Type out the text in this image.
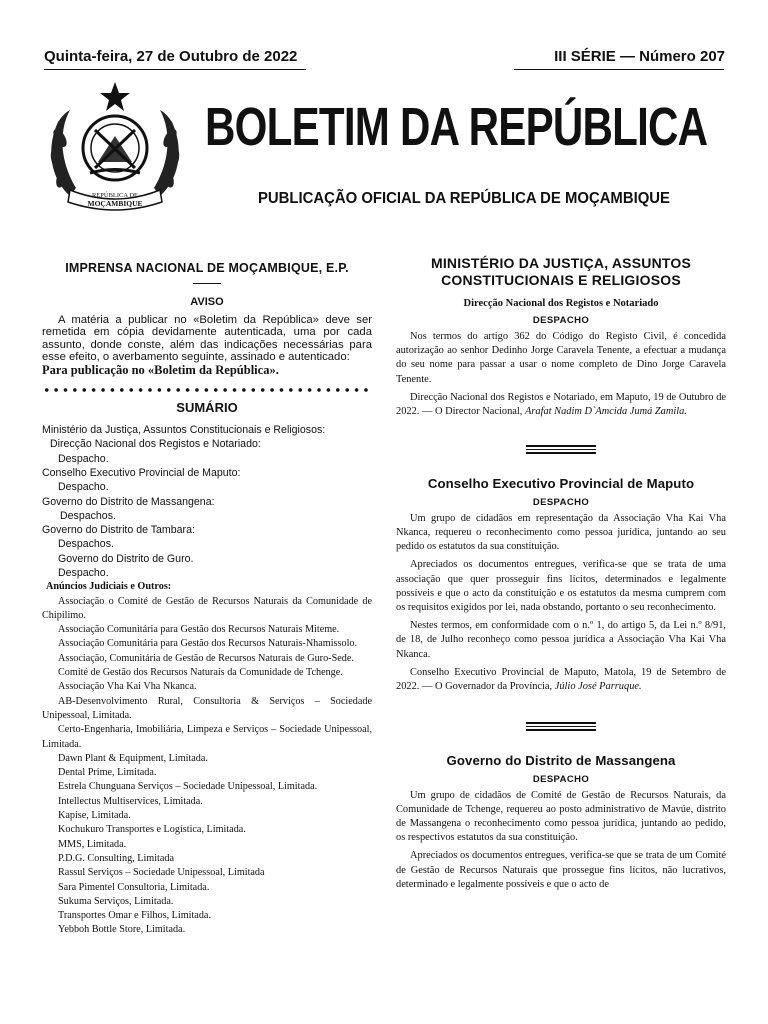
Quinta-feira, 27 de Outubro de 2022	III SÉRIE — Número 207
REPÚBLICA DE
MOÇAMBIQUE
BOLETIM DA REPÚBLICA
PUBLICAÇÃO OFICIAL DA REPÚBLICA DE MOÇAMBIQUE
IMPRENSA NACIONAL DE MOÇAMBIQUE, E.P.
AVISO
A matéria a publicar no «Boletim da República» deve ser remetida em cópia devidamente autenticada, uma por cada assunto, donde conste, além das indicações necessárias para esse efeito, o averbamento seguinte, assinado e autenticado:
Para publicação no «Boletim da República».
SUMÁRIO
Ministério da Justiça, Assuntos Constitucionais e Religiosos:
Direcção Nacional dos Registos e Notariado:
Despacho.
Conselho Executivo Provincial de Maputo:
Despacho.
Governo do Distrito de Massangena:
Despachos.
Governo do Distrito de Tambara:
Despachos.
Governo do Distrito de Guro.
Despacho.
Anúncios Judiciais e Outros:
Associação o Comité de Gestão de Recursos Naturais da Comunidade de Chipilimo.
Associação Comunitária para Gestão dos Recursos Naturais Miteme.
Associação Comunitária para Gestão dos Recursos Naturais-Nhamissolo.
Associação, Comunitária de Gestão de Recursos Naturais de Guro-Sede.
Comité de Gestão dos Recursos Naturais da Comunidade de Tchenge.
Associação Vha Kai Vha Nkanca.
AB-Desenvolvimento Rural, Consultoria & Serviços – Sociedade Unipessoal, Limitada.
Certo-Engenharia, Imobiliária, Limpeza e Serviços – Sociedade Unipessoal, Limitada.
Dawn Plant & Equipment, Limitada.
Dental Prime, Limitada.
Estrela Chunguana Serviços – Sociedade Unipessoal, Limitada.
Intellectus Multiservices, Limitada.
Kapise, Limitada.
Kochukuro Transportes e Logística, Limitada.
MMS, Limitada.
P.D.G. Consulting, Limitada
Rassul Serviços – Sociedade Unipessoal, Limitada
Sara Pimentel Consultoria, Limitada.
Sukuma Serviços, Limitada.
Transportes Omar e Filhos, Limitada.
Yebboh Bottle Store, Limitada.
MINISTÉRIO DA JUSTIÇA, ASSUNTOS
CONSTITUCIONAIS E RELIGIOSOS
Direcção Nacional dos Registos e Notariado
DESPACHO
Nos termos do artigo 362 do Código do Registo Civil, é concedida autorização ao senhor Dedinho Jorge Caravela Tenente, a efectuar a mudança do seu nome para passar a usar o nome completo de Dino Jorge Caravela Tenente.
Direcção Nacional dos Registos e Notariado, em Maputo, 19 de Outubro de 2022. — O Director Nacional, Arafat Nadim D`Amcida Jumá Zamila.
Conselho Executivo Provincial de Maputo
DESPACHO
Um grupo de cidadãos em representação da Associação Vha Kai Vha Nkanca, requereu o reconhecimento como pessoa jurídica, juntando ao seu pedido os estatutos da sua constituição.
Apreciados os documentos entregues, verifica-se que se trata de uma associação que quer prosseguir fins lícitos, determinados e legalmente possíveis e que o acto da constituição e os estatutos da mesma cumprem com os requisitos exigidos por lei, nada obstando, portanto o seu reconhecimento.
Nestes termos, em conformidade com o n.º 1, do artigo 5, da Lei n.º 8/91, de 18, de Julho reconheço como pessoa jurídica a Associação Vha Kai Vha Nkanca.
Conselho Executivo Provincial de Maputo, Matola, 19 de Setembro de 2022. — O Governador da Província, Júlio José Parruque.
Governo do Distrito de Massangena
DESPACHO
Um grupo de cidadãos de Comité de Gestão de Recursos Naturais, da Comunidade de Tchenge, requereu ao posto administrativo de Mavúe, distrito de Massangena o reconhecimento como pessoa jurídica, juntando ao pedido, os respectivos estatutos da sua constituição.
Apreciados os documentos entregues, verifica-se que se trata de um Comité de Gestão de Recursos Naturais que prossegue fins lícitos, não lucrativos, determinado e legalmente possíveis e que o acto de
